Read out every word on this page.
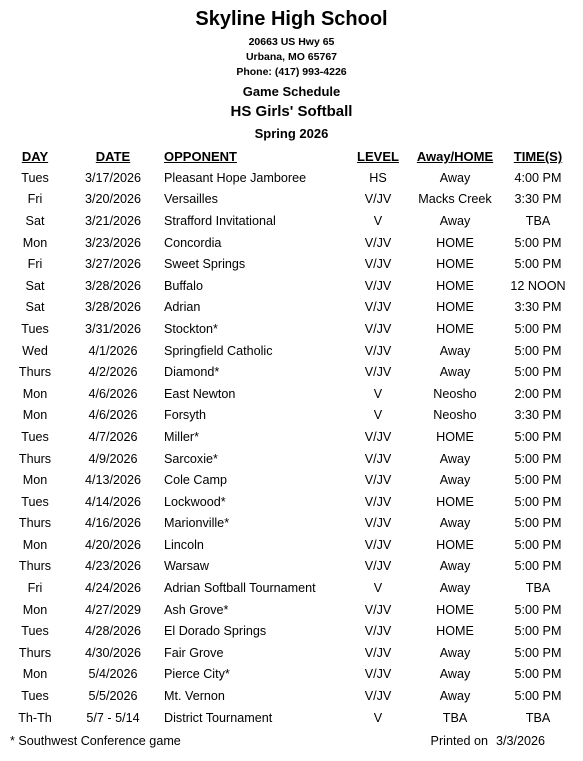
Skyline High School
20663 US Hwy 65
Urbana, MO 65767
Phone: (417) 993-4226
Game Schedule
HS Girls' Softball
Spring 2026
DAY	DATE	OPPONENT	LEVEL	Away/HOME	TIME(S)
Tues	3/17/2026	Pleasant Hope Jamboree	HS	Away	4:00 PM
Fri	3/20/2026	Versailles	V/JV	Macks Creek	3:30 PM
Sat	3/21/2026	Strafford Invitational	V	Away	TBA
Mon	3/23/2026	Concordia	V/JV	HOME	5:00 PM
Fri	3/27/2026	Sweet Springs	V/JV	HOME	5:00 PM
Sat	3/28/2026	Buffalo	V/JV	HOME	12 NOON
Sat	3/28/2026	Adrian	V/JV	HOME	3:30 PM
Tues	3/31/2026	Stockton*	V/JV	HOME	5:00 PM
Wed	4/1/2026	Springfield Catholic	V/JV	Away	5:00 PM
Thurs	4/2/2026	Diamond*	V/JV	Away	5:00 PM
Mon	4/6/2026	East Newton	V	Neosho	2:00 PM
Mon	4/6/2026	Forsyth	V	Neosho	3:30 PM
Tues	4/7/2026	Miller*	V/JV	HOME	5:00 PM
Thurs	4/9/2026	Sarcoxie*	V/JV	Away	5:00 PM
Mon	4/13/2026	Cole Camp	V/JV	Away	5:00 PM
Tues	4/14/2026	Lockwood*	V/JV	HOME	5:00 PM
Thurs	4/16/2026	Marionville*	V/JV	Away	5:00 PM
Mon	4/20/2026	Lincoln	V/JV	HOME	5:00 PM
Thurs	4/23/2026	Warsaw	V/JV	Away	5:00 PM
Fri	4/24/2026	Adrian Softball Tournament	V	Away	TBA
Mon	4/27/2029	Ash Grove*	V/JV	HOME	5:00 PM
Tues	4/28/2026	El Dorado Springs	V/JV	HOME	5:00 PM
Thurs	4/30/2026	Fair Grove	V/JV	Away	5:00 PM
Mon	5/4/2026	Pierce City*	V/JV	Away	5:00 PM
Tues	5/5/2026	Mt. Vernon	V/JV	Away	5:00 PM
Th-Th	5/7 - 5/14	District Tournament	V	TBA	TBA
* Southwest Conference game	Printed on 3/3/2026
